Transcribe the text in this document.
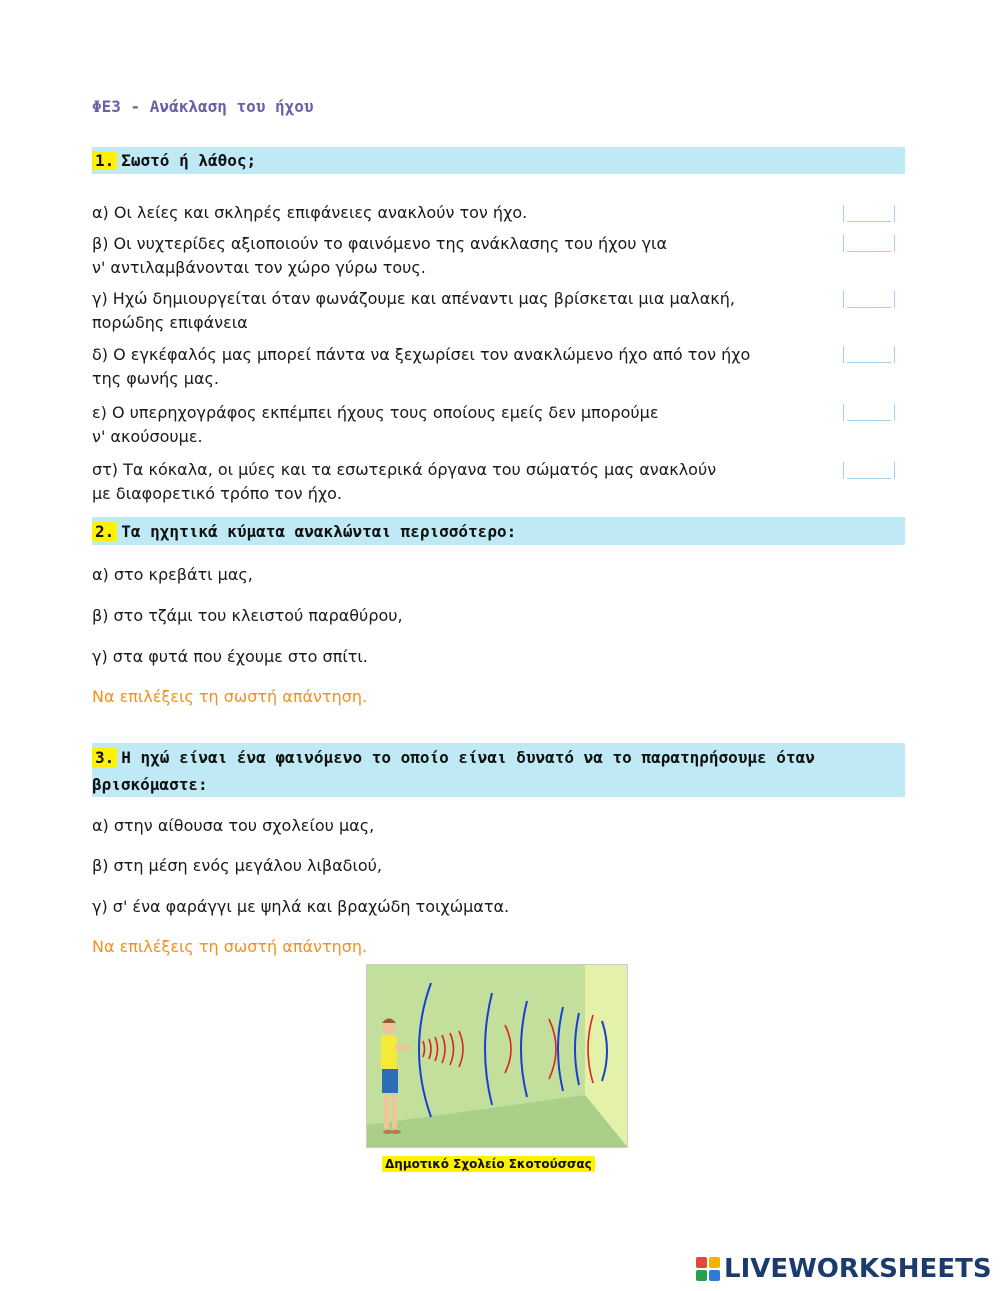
ΦΕ3 - Ανάκλαση του ήχου
1. Σωστό ή λάθος;
α) Οι λείες και σκληρές επιφάνειες ανακλούν τον ήχο.
β) Οι νυχτερίδες αξιοποιούν το φαινόμενο της ανάκλασης του ήχου για
ν' αντιλαμβάνονται τον χώρο γύρω τους.
γ) Ηχώ δημιουργείται όταν φωνάζουμε και απέναντι μας βρίσκεται μια μαλακή,
πορώδης επιφάνεια
δ) Ο εγκέφαλός μας μπορεί πάντα να ξεχωρίσει τον ανακλώμενο ήχο από τον ήχο
της φωνής μας.
ε) Ο υπερηχογράφος εκπέμπει ήχους τους οποίους εμείς δεν μπορούμε
ν' ακούσουμε.
στ) Τα κόκαλα, οι μύες και τα εσωτερικά όργανα του σώματός μας ανακλούν
με διαφορετικό τρόπο τον ήχο.
2. Τα ηχητικά κύματα ανακλώνται περισσότερο:
α) στο κρεβάτι μας,
β) στο τζάμι του κλειστού παραθύρου,
γ) στα φυτά που έχουμε στο σπίτι.
Να επιλέξεις τη σωστή απάντηση.
3. Η ηχώ είναι ένα φαινόμενο το οποίο είναι δυνατό να το παρατηρήσουμε όταν
βρισκόμαστε:
α) στην αίθουσα του σχολείου μας,
β) στη μέση ενός μεγάλου λιβαδιού,
γ) σ' ένα φαράγγι με ψηλά και βραχώδη τοιχώματα.
Να επιλέξεις τη σωστή απάντηση.
Δημοτικό Σχολείο Σκοτούσσας
LIVEWORKSHEETS
